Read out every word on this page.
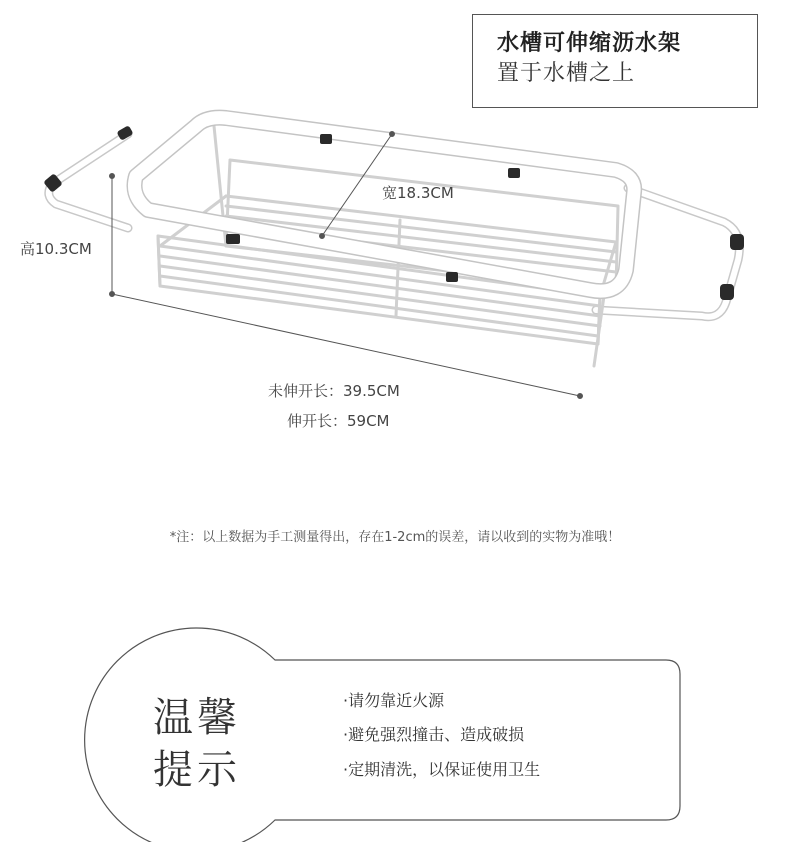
水槽可伸缩沥水架
置于水槽之上
宽18.3CM
高10.3CM
未伸开长：39.5CM
伸开长：59CM
*注：以上数据为手工测量得出，存在1-2cm的误差，请以收到的实物为准哦！
温馨
提示
·请勿靠近火源
·避免强烈撞击、造成破损
·定期清洗，以保证使用卫生
